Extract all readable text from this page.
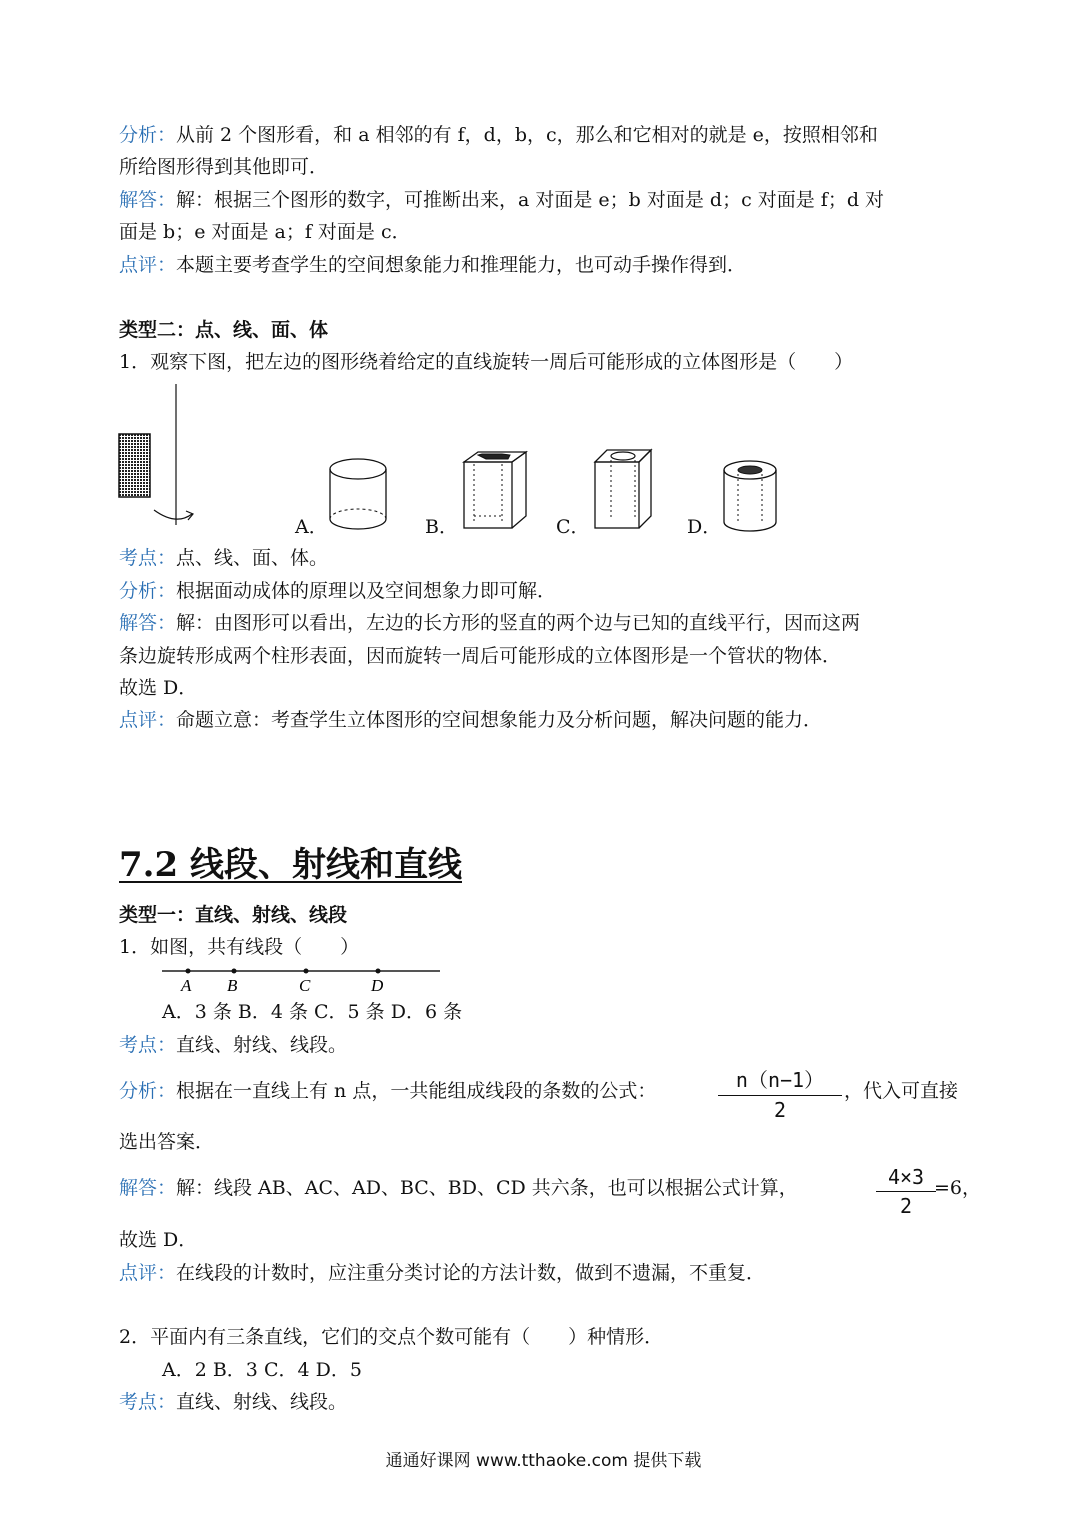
分析：从前 2 个图形看，和 a 相邻的有 f，d，b，c，那么和它相对的就是 e，按照相邻和
所给图形得到其他即可．
解答：解：根据三个图形的数字，可推断出来，a 对面是 e；b 对面是 d；c 对面是 f；d 对
面是 b；e 对面是 a；f 对面是 c．
点评：本题主要考查学生的空间想象能力和推理能力，也可动手操作得到．
类型二：点、线、面、体
1．观察下图，把左边的图形绕着给定的直线旋转一周后可能形成的立体图形是（　　）
A．	B．	C．	D．
考点：点、线、面、体。
分析：根据面动成体的原理以及空间想象力即可解．
解答：解：由图形可以看出，左边的长方形的竖直的两个边与已知的直线平行，因而这两
条边旋转形成两个柱形表面，因而旋转一周后可能形成的立体图形是一个管状的物体．
故选 D．
点评：命题立意：考查学生立体图形的空间想象能力及分析问题，解决问题的能力．
7.2 线段、射线和直线
类型一：直线、射线、线段
1．如图，共有线段（　　）
A B	C	D
A．3 条 B．4 条 C．5 条 D．6 条
考点：直线、射线、线段。
分析：根据在一直线上有 n 点，一共能组成线段的条数的公式：	n（n−1）
2
，代入可直接
选出答案．
解答：解：线段 AB、AC、AD、BC、BD、CD 共六条，也可以根据公式计算，	4×3
2
=6，
故选 D．
点评：在线段的计数时，应注重分类讨论的方法计数，做到不遗漏，不重复．
2．平面内有三条直线，它们的交点个数可能有（　　）种情形．
A．2 B．3 C．4 D．5
考点：直线、射线、线段。
通通好课网 www.tthaoke.com 提供下载
